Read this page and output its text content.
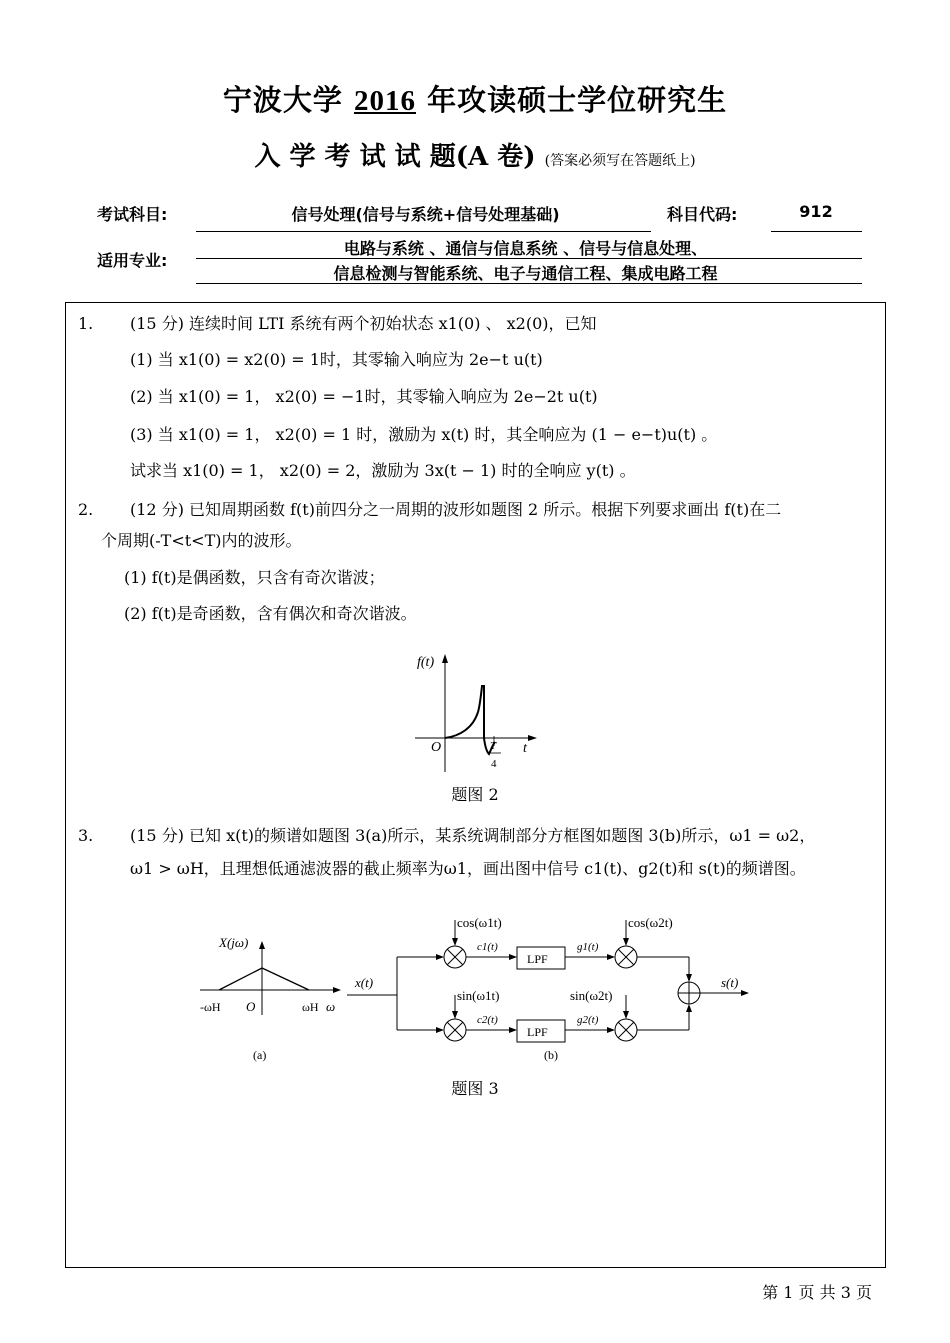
宁波大学 2016 年攻读硕士学位研究生
入 学 考 试 试 题(A 卷) (答案必须写在答题纸上)
考试科目:	信号处理(信号与系统+信号处理基础)	科目代码:	912
适用专业:
电路与系统 、通信与信息系统 、信号与信息处理、
信息检测与智能系统、电子与通信工程、集成电路工程
1. (15 分) 连续时间 LTI 系统有两个初始状态 x1(0) 、 x2(0)，已知
(1) 当 x1(0) = x2(0) = 1时，其零输入响应为 2e−t u(t)
(2) 当 x1(0) = 1， x2(0) = −1时，其零输入响应为 2e−2t u(t)
(3) 当 x1(0) = 1， x2(0) = 1 时，激励为 x(t) 时，其全响应为 (1 − e−t)u(t) 。
试求当 x1(0) = 1， x2(0) = 2，激励为 3x(t − 1) 时的全响应 y(t) 。
2. (12 分) 已知周期函数 f(t)前四分之一周期的波形如题图 2 所示。根据下列要求画出 f(t)在二
个周期(-T<t<T)内的波形。
(1) f(t)是偶函数，只含有奇次谐波；
(2) f(t)是奇函数，含有偶次和奇次谐波。
f(t)
t
O	T
4
题图 2
3. (15 分) 已知 x(t)的频谱如题图 3(a)所示，某系统调制部分方框图如题图 3(b)所示，ω1 = ω2，
ω1 > ωH，且理想低通滤波器的截止频率为ω1，画出图中信号 c1(t)、g2(t)和 s(t)的频谱图。
X(jω)
-ωH O	ωH ω
(a)
x(t)
cos(ω1t)
sin(ω1t)
cos(ω2t)
sin(ω2t)
c1(t)
c2(t)
g1(t)
g2(t)
LPF
LPF
s(t)
(b)
题图 3
第 1 页 共 3 页
